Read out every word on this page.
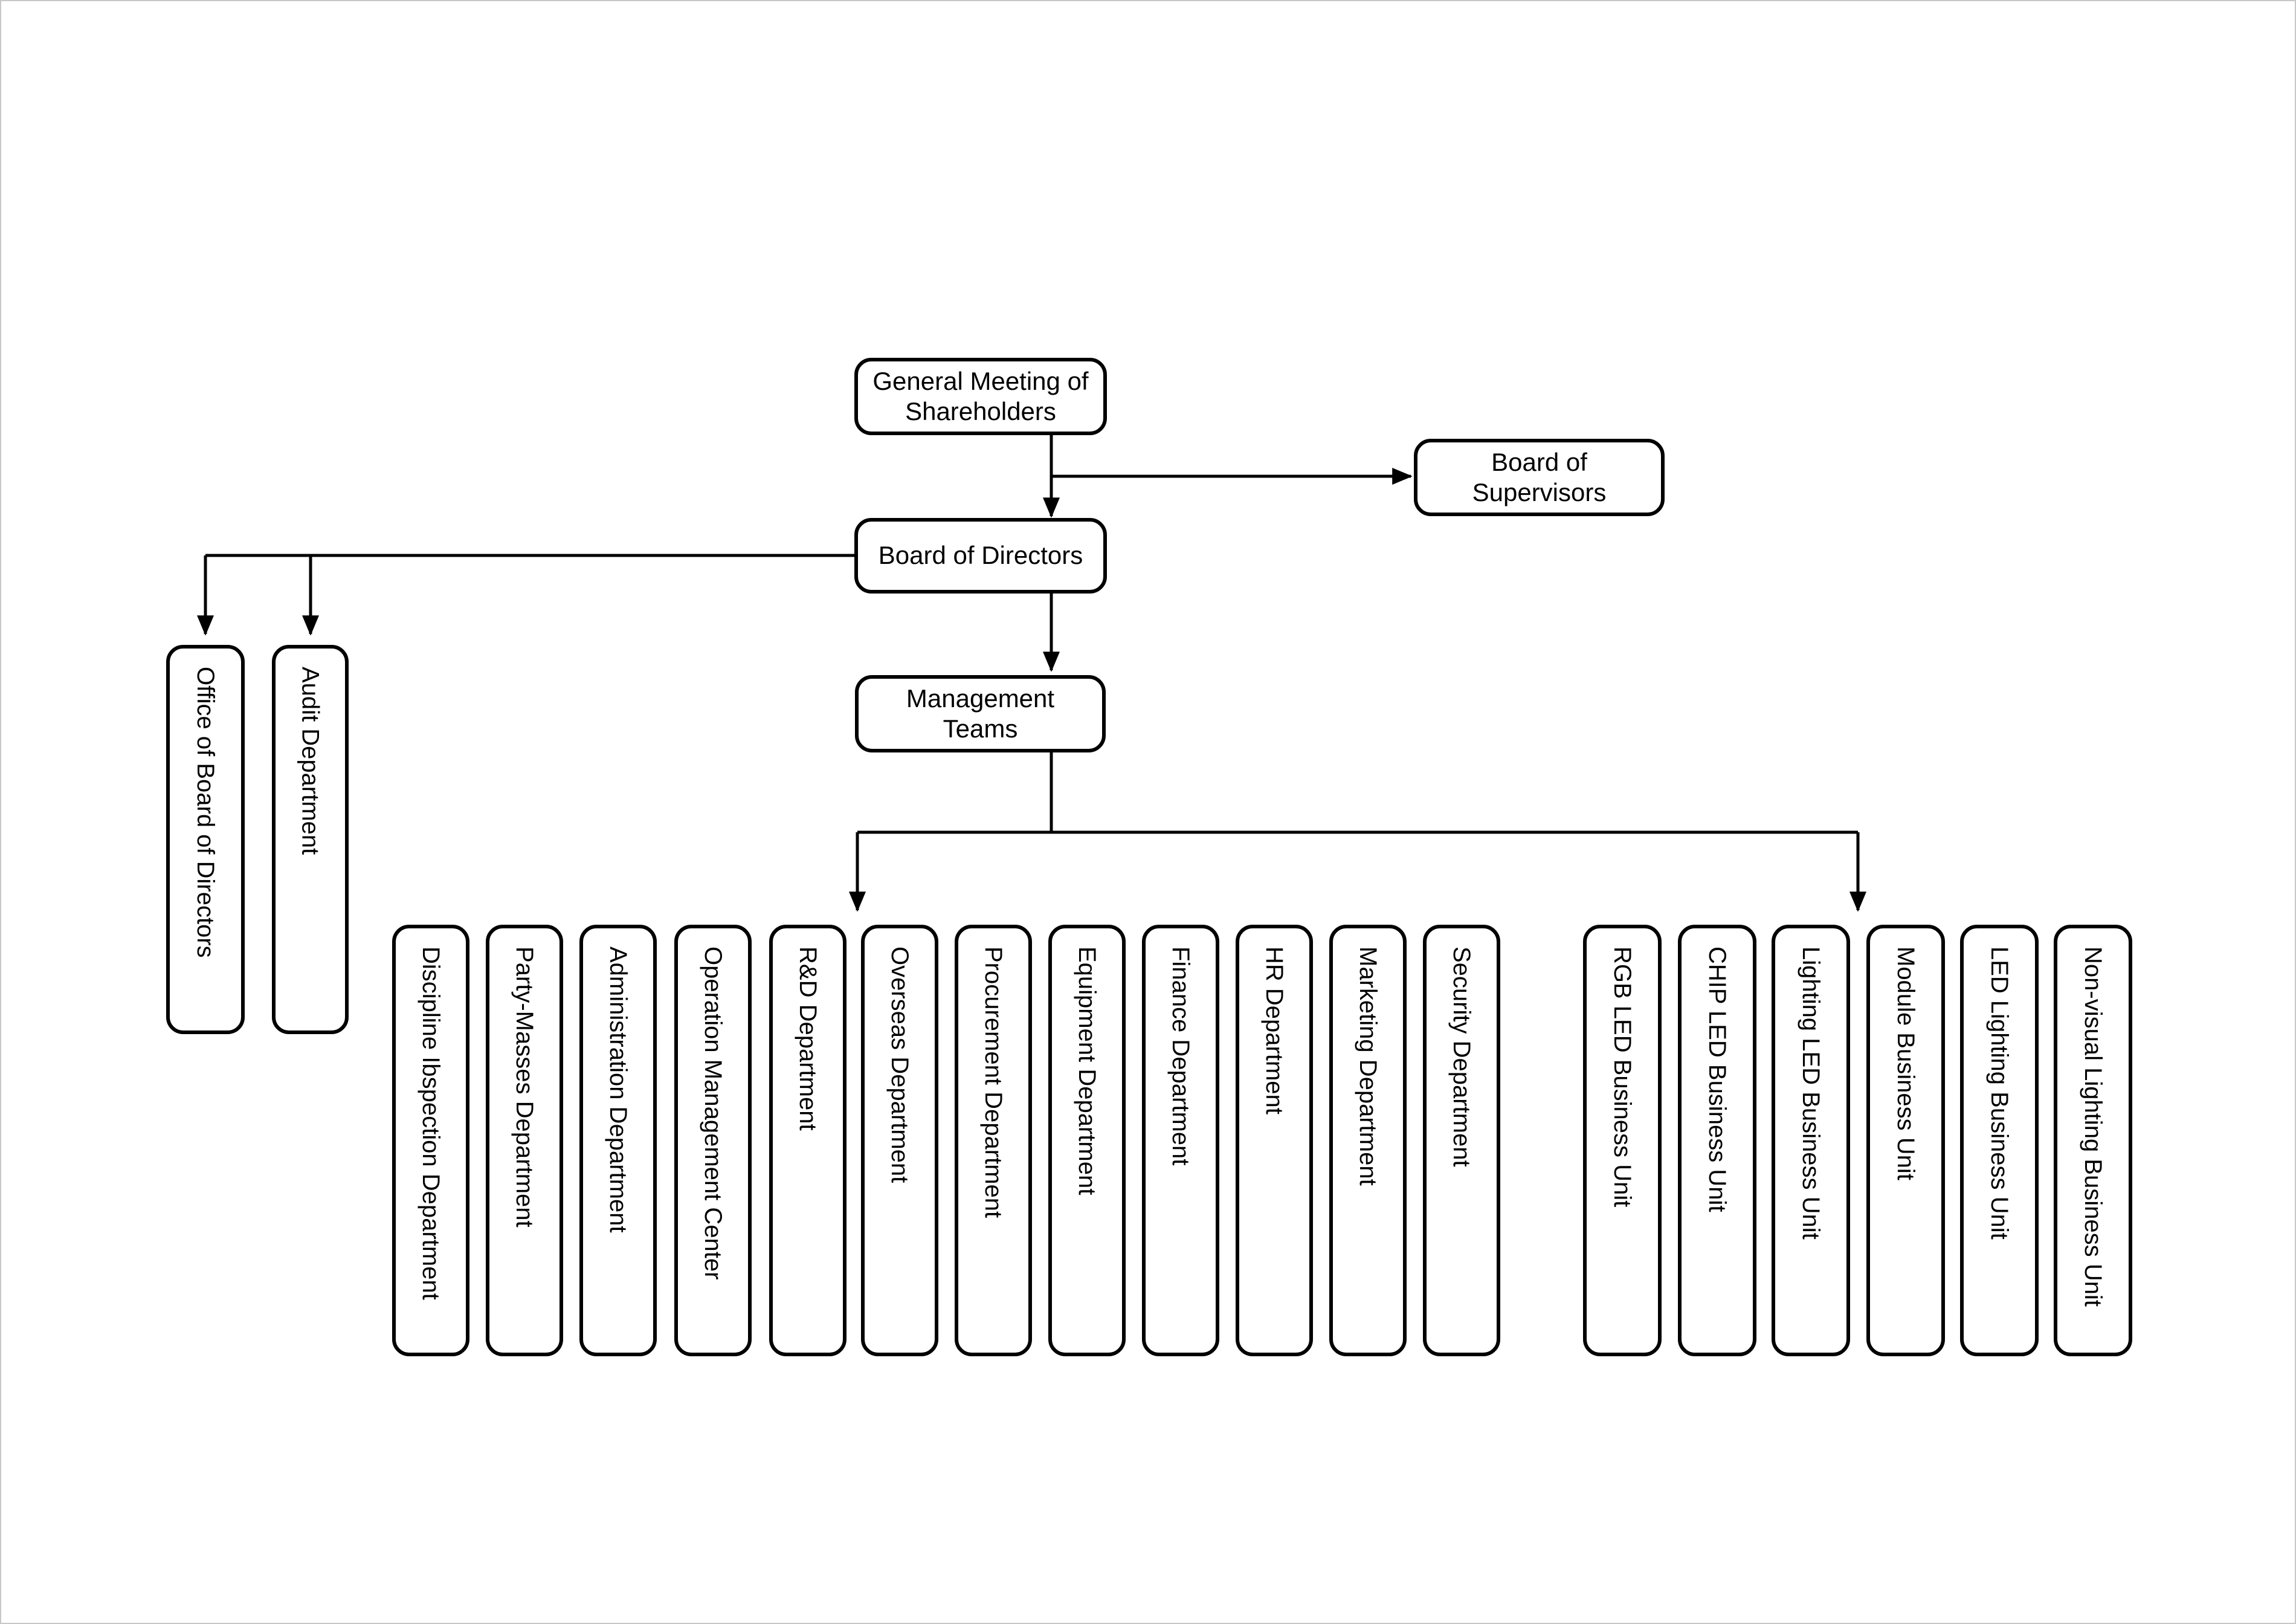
General Meeting of Shareholders
Board of Supervisors
Board of Directors
Management Teams
Office of Board of Directors	Audit Department
Discipline Ibspection Department	Party-Masses Department	Administration Department	Operation Management Center	R&D Department	Overseas Department	Procurement Department	Equipment Department	Finance Department	HR Department	Marketing Department	Security Department	RGB LED Business Unit	CHIP LED Business Unit	Lighting LED Business Unit	Module Business Unit	LED Lighting Business Unit	Non-visual Lighting Business Unit
